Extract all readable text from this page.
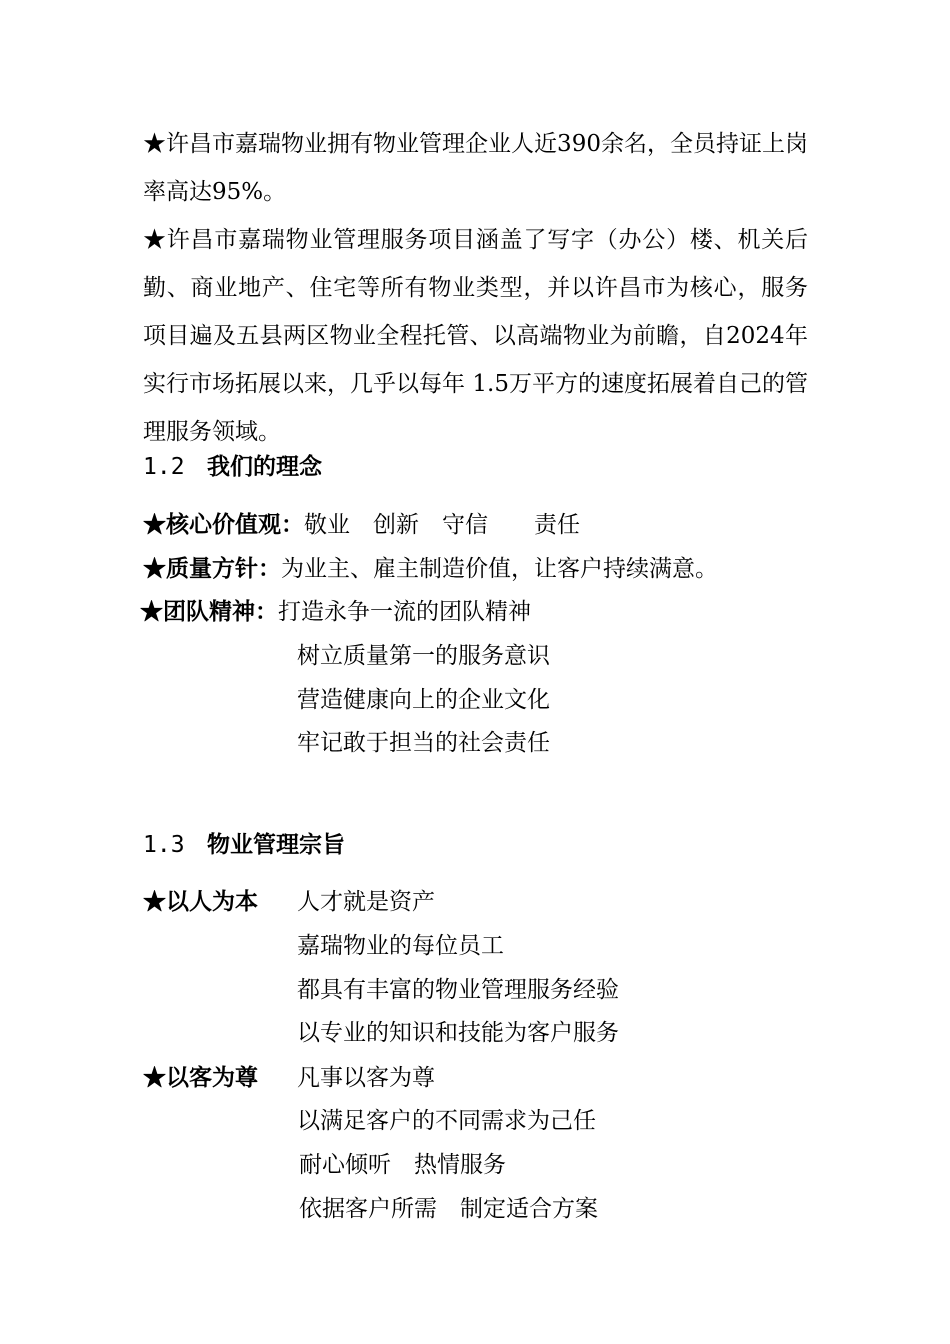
★许昌市嘉瑞物业拥有物业管理企业人近390余名，全员持证上岗率高达95%。

★许昌市嘉瑞物业管理服务项目涵盖了写字（办公）楼、机关后勤、商业地产、住宅等所有物业类型，并以许昌市为核心，服务项目遍及五县两区物业全程托管、以高端物业为前瞻，自2024年实行市场拓展以来，几乎以每年 1.5万平方的速度拓展着自己的管理服务领域。

1.2 我们的理念
★核心价值观：敬业　创新　守信　　责任
★质量方针：为业主、雇主制造价值，让客户持续满意。
★团队精神：打造永争一流的团队精神
树立质量第一的服务意识
营造健康向上的企业文化
牢记敢于担当的社会责任
1.3 物业管理宗旨
★以人为本 人才就是资产
嘉瑞物业的每位员工
都具有丰富的物业管理服务经验
以专业的知识和技能为客户服务
★以客为尊 凡事以客为尊
以满足客户的不同需求为己任
耐心倾听　热情服务
依据客户所需　制定适合方案
